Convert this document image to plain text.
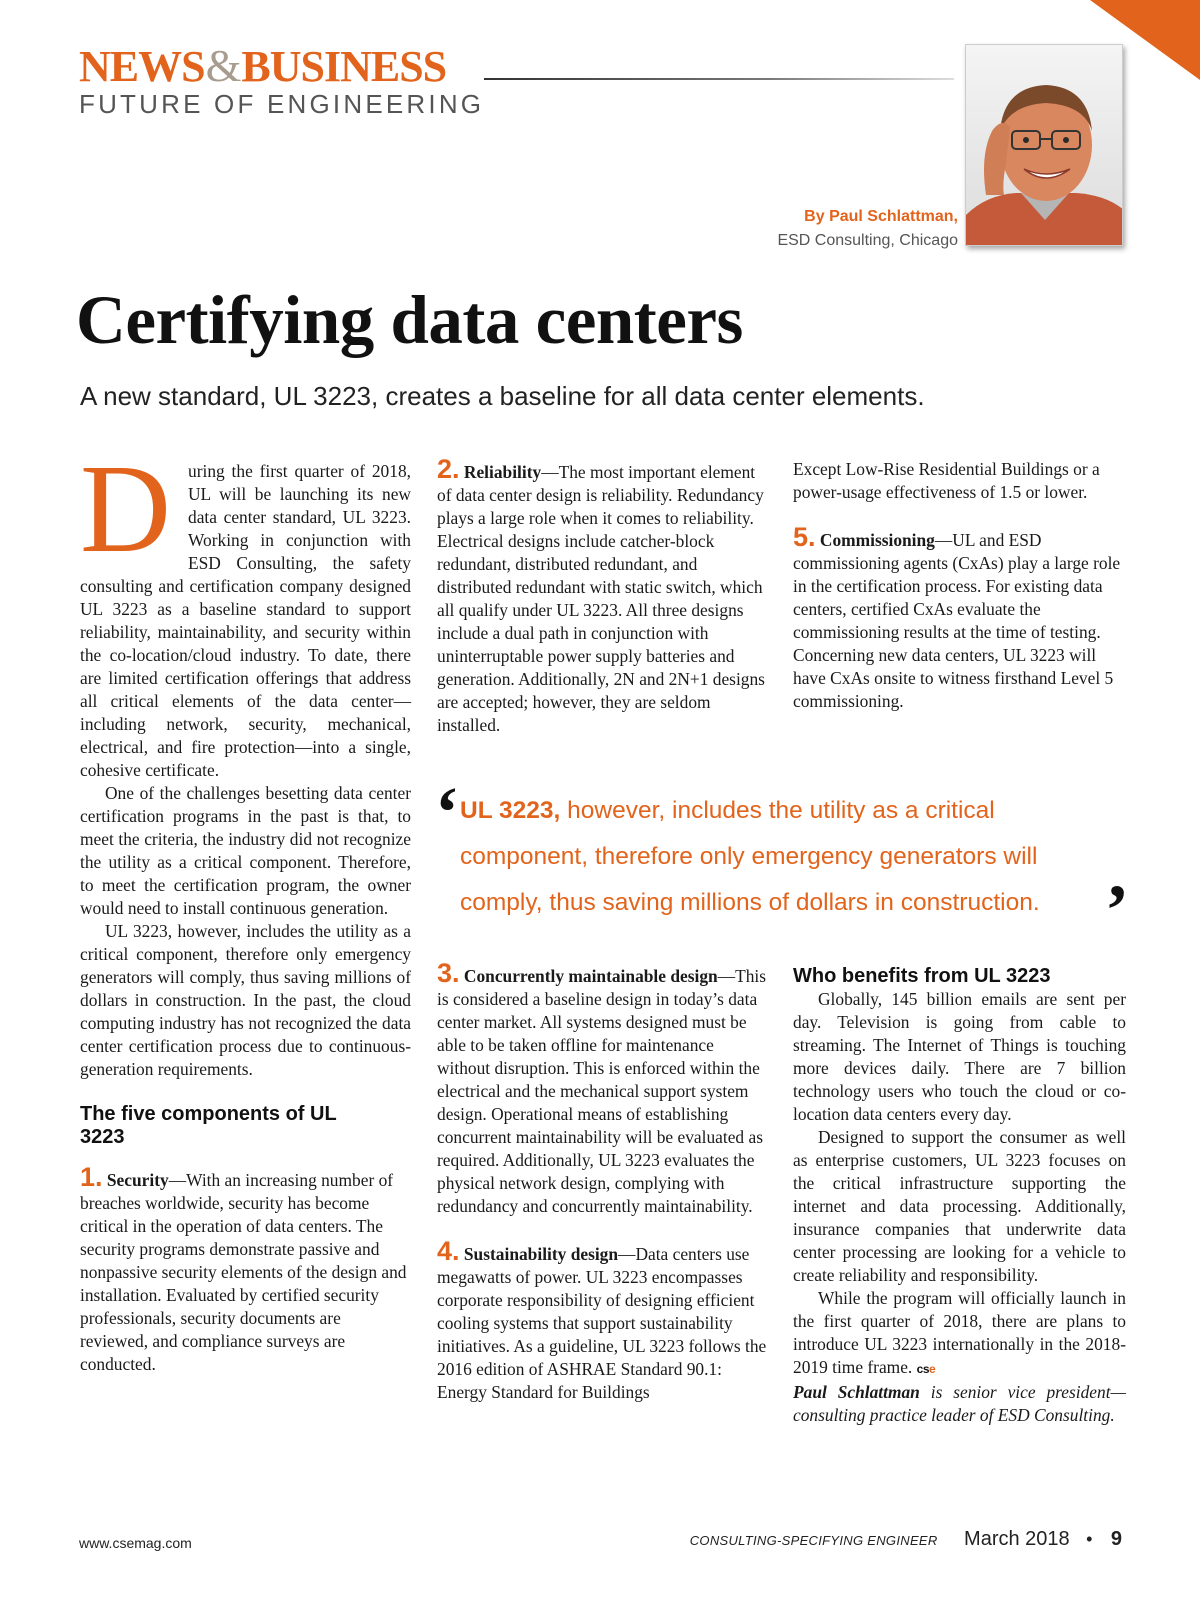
NEWS&BUSINESS
FUTURE OF ENGINEERING
By Paul Schlattman,
ESD Consulting, Chicago
Certifying data centers
A new standard, UL 3223, creates a baseline for all data center elements.

During the first quarter of 2018, UL will be launching its new data center standard, UL 3223. Working in conjunction with ESD Consulting, the safety consulting and certification company designed UL 3223 as a baseline standard to support reliability, maintainability, and security within the co-location/cloud industry. To date, there are limited certification offerings that address all critical elements of the data center—including network, security, mechanical, electrical, and fire protection—into a single, cohesive certificate.

One of the challenges besetting data center certification programs in the past is that, to meet the criteria, the industry did not recognize the utility as a critical component. Therefore, to meet the certification program, the owner would need to install continuous generation.

UL 3223, however, includes the utility as a critical component, therefore only emergency generators will comply, thus saving millions of dollars in construction. In the past, the cloud computing industry has not recognized the data center certification process due to continuous-generation requirements.

The five components of UL 3223

1. Security—With an increasing number of breaches worldwide, security has become critical in the operation of data centers. The security programs demonstrate passive and nonpassive security elements of the design and installation. Evaluated by certified security professionals, security documents are reviewed, and compliance surveys are conducted.

2. Reliability—The most important element of data center design is reliability. Redundancy plays a large role when it comes to reliability. Electrical designs include catcher-block redundant, distributed redundant, and distributed redundant with static switch, which all qualify under UL 3223. All three designs include a dual path in conjunction with uninterruptable power supply batteries and generation. Additionally, 2N and 2N+1 designs are accepted; however, they are seldom installed.

‘ UL 3223, however, includes the utility as a critical
component, therefore only emergency generators will
comply, thus saving millions of dollars in construction. ’

3. Concurrently maintainable design—This is considered a baseline design in today’s data center market. All systems designed must be able to be taken offline for maintenance without disruption. This is enforced within the electrical and the mechanical support system design. Operational means of establishing concurrent maintainability will be evaluated as required. Additionally, UL 3223 evaluates the physical network design, complying with redundancy and concurrently maintainability.

4. Sustainability design—Data centers use megawatts of power. UL 3223 encompasses corporate responsibility of designing efficient cooling systems that support sustainability initiatives. As a guideline, UL 3223 follows the 2016 edition of ASHRAE Standard 90.1: Energy Standard for Buildings

Except Low-Rise Residential Buildings or a power-usage effectiveness of 1.5 or lower.

5. Commissioning—UL and ESD commissioning agents (CxAs) play a large role in the certification process. For existing data centers, certified CxAs evaluate the commissioning results at the time of testing. Concerning new data centers, UL 3223 will have CxAs onsite to witness firsthand Level 5 commissioning.

Who benefits from UL 3223

Globally, 145 billion emails are sent per day. Television is going from cable to streaming. The Internet of Things is touching more devices daily. There are 7 billion technology users who touch the cloud or co-location data centers every day.

Designed to support the consumer as well as enterprise customers, UL 3223 focuses on the critical infrastructure supporting the internet and data processing. Additionally, insurance companies that underwrite data center processing are looking for a vehicle to create reliability and responsibility.

While the program will officially launch in the first quarter of 2018, there are plans to introduce UL 3223 internationally in the 2018-2019 time frame. cse

Paul Schlattman is senior vice president—consulting practice leader of ESD Consulting.

www.csemag.com	CONSULTING-SPECIFYING ENGINEER March 2018 • 9
